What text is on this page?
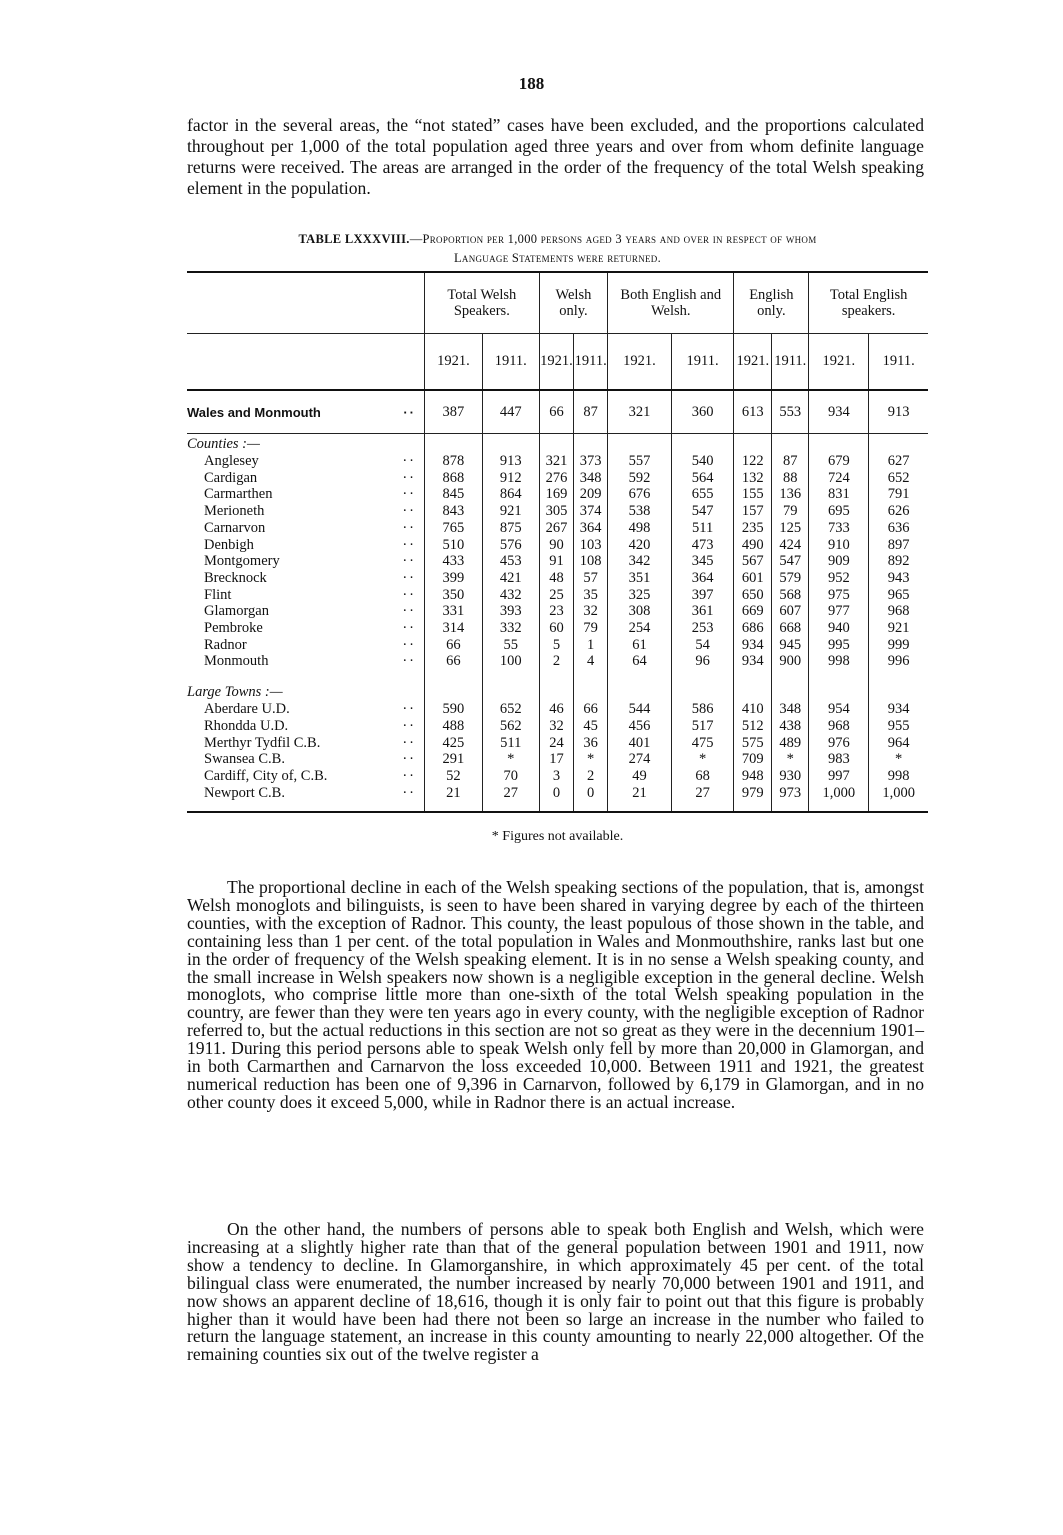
188

factor in the several areas, the “not stated” cases have been excluded, and the proportions calculated throughout per 1,000 of the total population aged three years and over from whom definite language returns were received. The areas are arranged in the order of the frequency of the total Welsh speaking element in the population.

TABLE LXXXVIII.—Proportion per 1,000 persons aged 3 years and over in respect of whom
Language Statements were returned.
	Total Welsh Speakers.		Welsh only.		Both English and Welsh.		English only.		Total English speakers.	
	1921.	1911.	1921.	1911.	1921.	1911.	1921.	1911.	1921.	1911.
Wales and Monmouth ··	387	447	66	87	321	360	613	553	934	913
Counties :—										
Anglesey ··	878	913	321	373	557	540	122	87	679	627
Cardigan ··	868	912	276	348	592	564	132	88	724	652
Carmarthen ··	845	864	169	209	676	655	155	136	831	791
Merioneth ··	843	921	305	374	538	547	157	79	695	626
Carnarvon ··	765	875	267	364	498	511	235	125	733	636
Denbigh ··	510	576	90	103	420	473	490	424	910	897
Montgomery ··	433	453	91	108	342	345	567	547	909	892
Brecknock ··	399	421	48	57	351	364	601	579	952	943
Flint ··	350	432	25	35	325	397	650	568	975	965
Glamorgan ··	331	393	23	32	308	361	669	607	977	968
Pembroke ··	314	332	60	79	254	253	686	668	940	921
Radnor ··	66	55	5	1	61	54	934	945	995	999
Monmouth ··	66	100	2	4	64	96	934	900	998	996

Large Towns :—										
Aberdare U.D. ··	590	652	46	66	544	586	410	348	954	934
Rhondda U.D. ··	488	562	32	45	456	517	512	438	968	955
Merthyr Tydfil C.B. ··	425	511	24	36	401	475	575	489	976	964
Swansea C.B. ··	291	*	17	*	274	*	709	*	983	*
Cardiff, City of, C.B. ··	52	70	3	2	49	68	948	930	997	998
Newport C.B. ··	21	27	0	0	21	27	979	973	1,000	1,000

* Figures not available.

The proportional decline in each of the Welsh speaking sections of the population, that is, amongst Welsh monoglots and bilinguists, is seen to have been shared in varying degree by each of the thirteen counties, with the exception of Radnor. This county, the least populous of those shown in the table, and containing less than 1 per cent. of the total population in Wales and Monmouthshire, ranks last but one in the order of frequency of the Welsh speaking element. It is in no sense a Welsh speaking county, and the small increase in Welsh speakers now shown is a negligible exception in the general decline. Welsh monoglots, who comprise little more than one-sixth of the total Welsh speaking population in the country, are fewer than they were ten years ago in every county, with the negligible exception of Radnor referred to, but the actual reductions in this section are not so great as they were in the decennium 1901–1911. During this period persons able to speak Welsh only fell by more than 20,000 in Glamorgan, and in both Carmarthen and Carnarvon the loss exceeded 10,000. Between 1911 and 1921, the greatest numerical reduction has been one of 9,396 in Carnarvon, followed by 6,179 in Glamorgan, and in no other county does it exceed 5,000, while in Radnor there is an actual increase.

On the other hand, the numbers of persons able to speak both English and Welsh, which were increasing at a slightly higher rate than that of the general population between 1901 and 1911, now show a tendency to decline. In Glamorganshire, in which approximately 45 per cent. of the total bilingual class were enumerated, the number increased by nearly 70,000 between 1901 and 1911, and now shows an apparent decline of 18,616, though it is only fair to point out that this figure is probably higher than it would have been had there not been so large an increase in the number who failed to return the language statement, an increase in this county amounting to nearly 22,000 altogether. Of the remaining counties six out of the twelve register a
